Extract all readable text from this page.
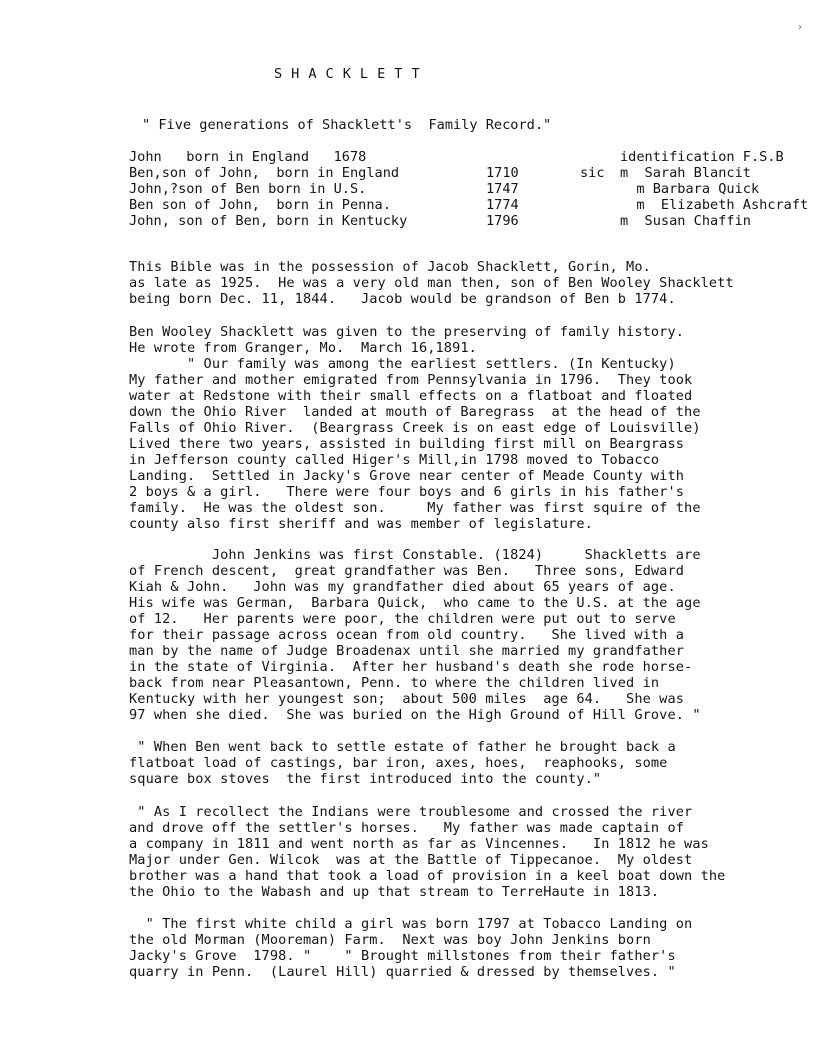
›
SHACKLETT
" Five generations of Shacklett's  Family Record."
John   born in England   1678	identification F.S.B
Ben,son of John,  born in England	1710	sic m  Sarah Blancit
John,?son of Ben born in U.S.	1747	m Barbara Quick
Ben son of John,  born in Penna.	1774	m  Elizabeth Ashcraft
John, son of Ben, born in Kentucky	1796	m  Susan Chaffin
This Bible was in the possession of Jacob Shacklett, Gorin, Mo.
as late as 1925.  He was a very old man then, son of Ben Wooley Shacklett
being born Dec. 11, 1844.   Jacob would be grandson of Ben b 1774.
Ben Wooley Shacklett was given to the preserving of family history.
He wrote from Granger, Mo.  March 16,1891.
" Our family was among the earliest settlers. (In Kentucky)
My father and mother emigrated from Pennsylvania in 1796.  They took
water at Redstone with their small effects on a flatboat and floated
down the Ohio River  landed at mouth of Baregrass  at the head of the
Falls of Ohio River.  (Beargrass Creek is on east edge of Louisville)
Lived there two years, assisted in building first mill on Beargrass
in Jefferson county called Higer's Mill,in 1798 moved to Tobacco
Landing.  Settled in Jacky's Grove near center of Meade County with
2 boys & a girl.   There were four boys and 6 girls in his father's
family.  He was the oldest son.     My father was first squire of the
county also first sheriff and was member of legislature.
John Jenkins was first Constable. (1824)     Shackletts are
of French descent,  great grandfather was Ben.   Three sons, Edward
Kiah & John.   John was my grandfather died about 65 years of age.
His wife was German,  Barbara Quick,  who came to the U.S. at the age
of 12.   Her parents were poor, the children were put out to serve
for their passage across ocean from old country.   She lived with a
man by the name of Judge Broadenax until she married my grandfather
in the state of Virginia.  After her husband's death she rode horse-
back from near Pleasantown, Penn. to where the children lived in
Kentucky with her youngest son;  about 500 miles  age 64.   She was
97 when she died.  She was buried on the High Ground of Hill Grove. "
" When Ben went back to settle estate of father he brought back a
flatboat load of castings, bar iron, axes, hoes,  reaphooks, some
square box stoves  the first introduced into the county."
" As I recollect the Indians were troublesome and crossed the river
and drove off the settler's horses.   My father was made captain of
a company in 1811 and went north as far as Vincennes.   In 1812 he was
Major under Gen. Wilcok  was at the Battle of Tippecanoe.  My oldest
brother was a hand that took a load of provision in a keel boat down the
the Ohio to the Wabash and up that stream to TerreHaute in 1813.
" The first white child a girl was born 1797 at Tobacco Landing on
the old Morman (Mooreman) Farm.  Next was boy John Jenkins born
Jacky's Grove  1798. "    " Brought millstones from their father's
quarry in Penn.  (Laurel Hill) quarried & dressed by themselves. "
